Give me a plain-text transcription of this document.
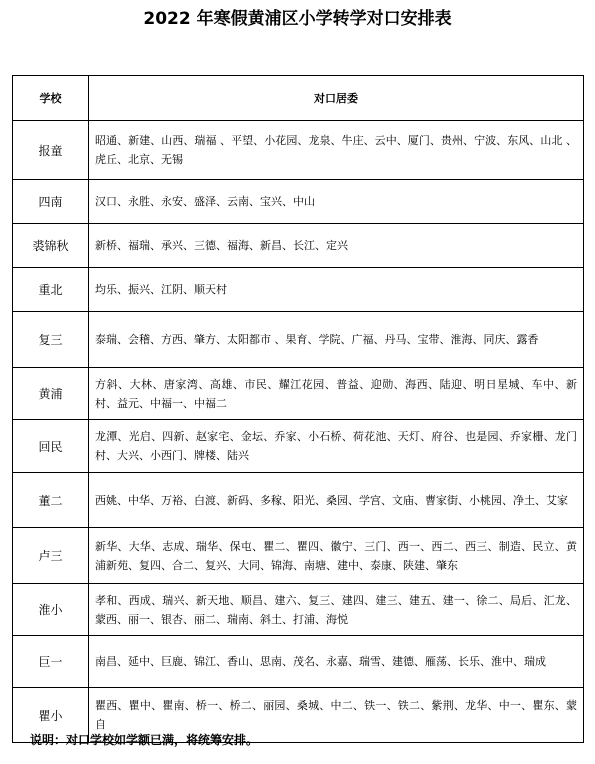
2022 年寒假黄浦区小学转学对口安排表
学校	对口居委
报童	昭通、新建、山西、瑞福 、平望、小花园、龙泉、牛庄、云中、厦门、贵州、宁波、东风、山北 、虎丘、北京、无锡
四南	汉口、永胜、永安、盛泽、云南、宝兴、中山
裘锦秋	新桥、福瑞、承兴、三德、福海、新昌、长江、定兴
重北	均乐、振兴、江阴、顺天村
复三	泰瑞、会稽、方西、肇方、太阳都市 、果育、学院、广福、丹马、宝带、淮海、同庆、露香
黄浦	方斜、大林、唐家湾、高雄、市民、耀江花园、普益、迎勋、海西、陆迎、明日星城、车中、新村、益元、中福一、中福二
回民	龙潭、光启、四新、赵家宅、金坛、乔家、小石桥、荷花池、天灯、府谷、也是园、乔家栅、龙门村、大兴、小西门、牌楼、陆兴
董二	西姚、中华、万裕、白渡、新码、多稼、阳光、桑园、学宫、文庙、曹家街、小桃园、净土、艾家
卢三	新华、大华、志成、瑞华、保屯、瞿二、瞿四、徽宁、三门、西一、西二、西三、制造、民立、黄浦新苑、复四、合二、复兴、大同、锦海、南塘、建中、泰康、陕建、肇东
淮小	孝和、西成、瑞兴、新天地、顺昌、建六、复三、建四、建三、建五、建一、徐二、局后、汇龙、蒙西、丽一、银杏、丽二、瑞南、斜土、打浦、海悦
巨一	南昌、延中、巨鹿、锦江、香山、思南、茂名、永嘉、瑞雪、建德、雁荡、长乐、淮中、瑞成
瞿小	瞿西、瞿中、瞿南、桥一、桥二、丽园、桑城、中二、铁一、铁二、紫荆、龙华、中一、瞿东、蒙自
说明：对口学校如学额已满，将统筹安排。
